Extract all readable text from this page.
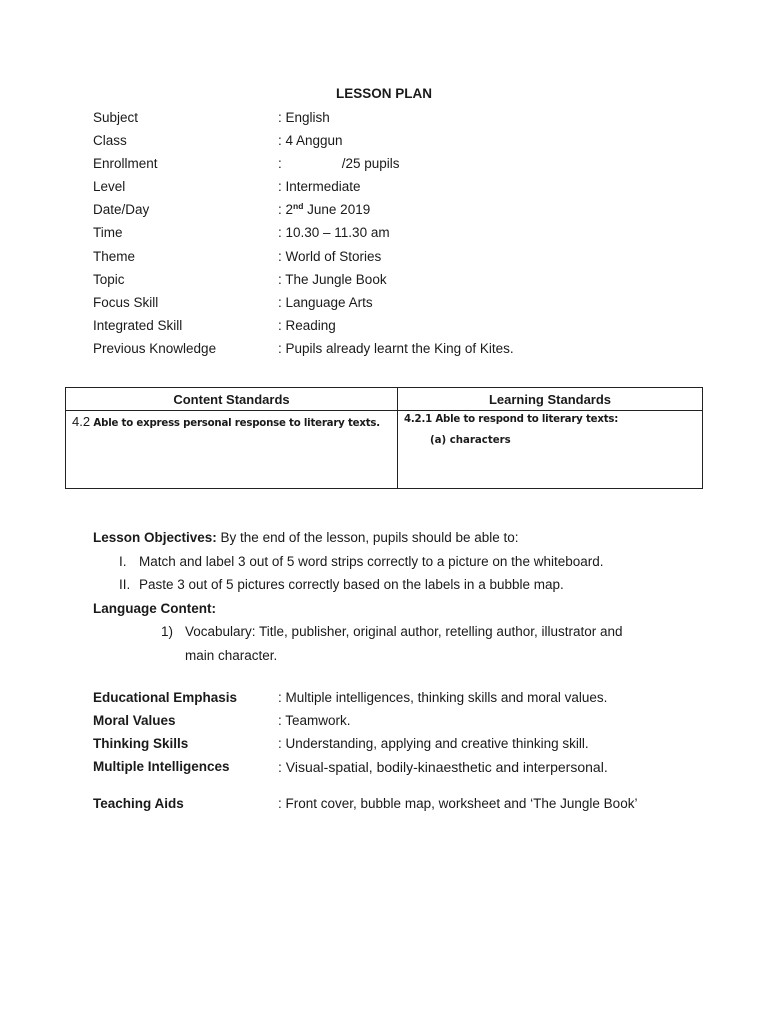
LESSON PLAN
Subject	: English
Class	: 4 Anggun
Enrollment	:	/25 pupils
Level	: Intermediate
Date/Day	: 2nd June 2019
Time	: 10.30 – 11.30 am
Theme	: World of Stories
Topic	: The Jungle Book
Focus Skill	: Language Arts
Integrated Skill	: Reading
Previous Knowledge	: Pupils already learnt the King of Kites.
Content Standards	Learning Standards
4.2 Able to express personal response to literary texts.	4.2.1 Able to respond to literary texts:
(a) characters
Lesson Objectives: By the end of the lesson, pupils should be able to:
I. Match and label 3 out of 5 word strips correctly to a picture on the whiteboard.
II. Paste 3 out of 5 pictures correctly based on the labels in a bubble map.
Language Content:
1) Vocabulary: Title, publisher, original author, retelling author, illustrator and
main character.
Educational Emphasis	: Multiple intelligences, thinking skills and moral values.
Moral Values	: Teamwork.
Thinking Skills	: Understanding, applying and creative thinking skill.
Multiple Intelligences	: Visual-spatial, bodily-kinaesthetic and interpersonal.
Teaching Aids	: Front cover, bubble map, worksheet and ‘The Jungle Book’
